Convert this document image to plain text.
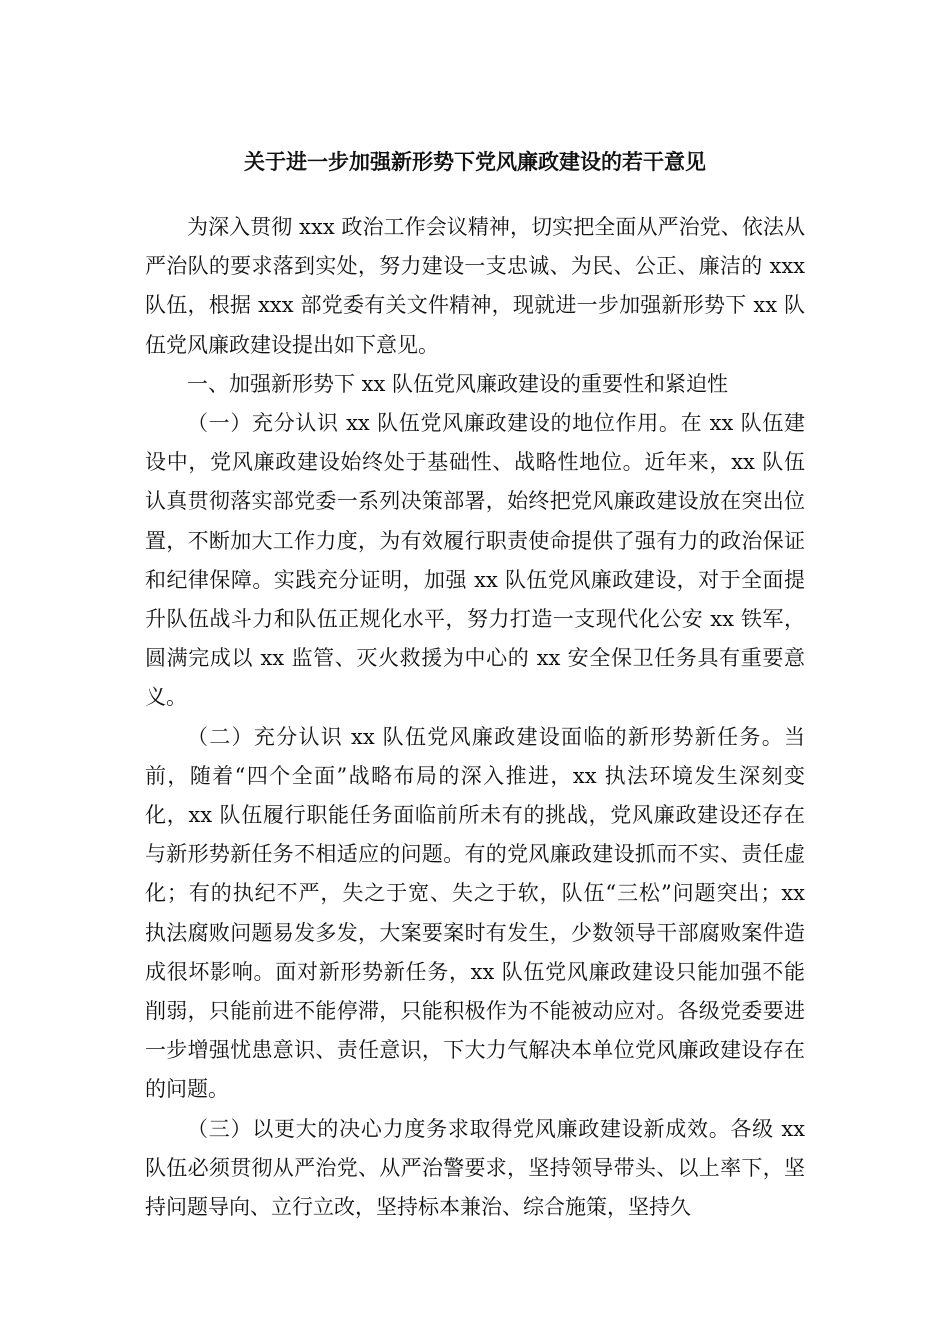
关于进一步加强新形势下党风廉政建设的若干意见

为深入贯彻 xxx 政治工作会议精神，切实把全面从严治党、依法从严治队的要求落到实处，努力建设一支忠诚、为民、公正、廉洁的 xxx 队伍，根据 xxx 部党委有关文件精神，现就进一步加强新形势下 xx 队伍党风廉政建设提出如下意见。

一、加强新形势下 xx 队伍党风廉政建设的重要性和紧迫性

（一）充分认识 xx 队伍党风廉政建设的地位作用。在 xx 队伍建设中，党风廉政建设始终处于基础性、战略性地位。近年来，xx 队伍认真贯彻落实部党委一系列决策部署，始终把党风廉政建设放在突出位置，不断加大工作力度，为有效履行职责使命提供了强有力的政治保证和纪律保障。实践充分证明，加强 xx 队伍党风廉政建设，对于全面提升队伍战斗力和队伍正规化水平，努力打造一支现代化公安 xx 铁军，圆满完成以 xx 监管、灭火救援为中心的 xx 安全保卫任务具有重要意义。

（二）充分认识 xx 队伍党风廉政建设面临的新形势新任务。当前，随着“四个全面”战略布局的深入推进，xx 执法环境发生深刻变化，xx 队伍履行职能任务面临前所未有的挑战，党风廉政建设还存在与新形势新任务不相适应的问题。有的党风廉政建设抓而不实、责任虚化；有的执纪不严，失之于宽、失之于软，队伍“三松”问题突出；xx 执法腐败问题易发多发，大案要案时有发生，少数领导干部腐败案件造成很坏影响。面对新形势新任务，xx 队伍党风廉政建设只能加强不能削弱，只能前进不能停滞，只能积极作为不能被动应对。各级党委要进一步增强忧患意识、责任意识，下大力气解决本单位党风廉政建设存在的问题。

（三）以更大的决心力度务求取得党风廉政建设新成效。各级 xx 队伍必须贯彻从严治党、从严治警要求，坚持领导带头、以上率下，坚持问题导向、立行立改，坚持标本兼治、综合施策，坚持久
